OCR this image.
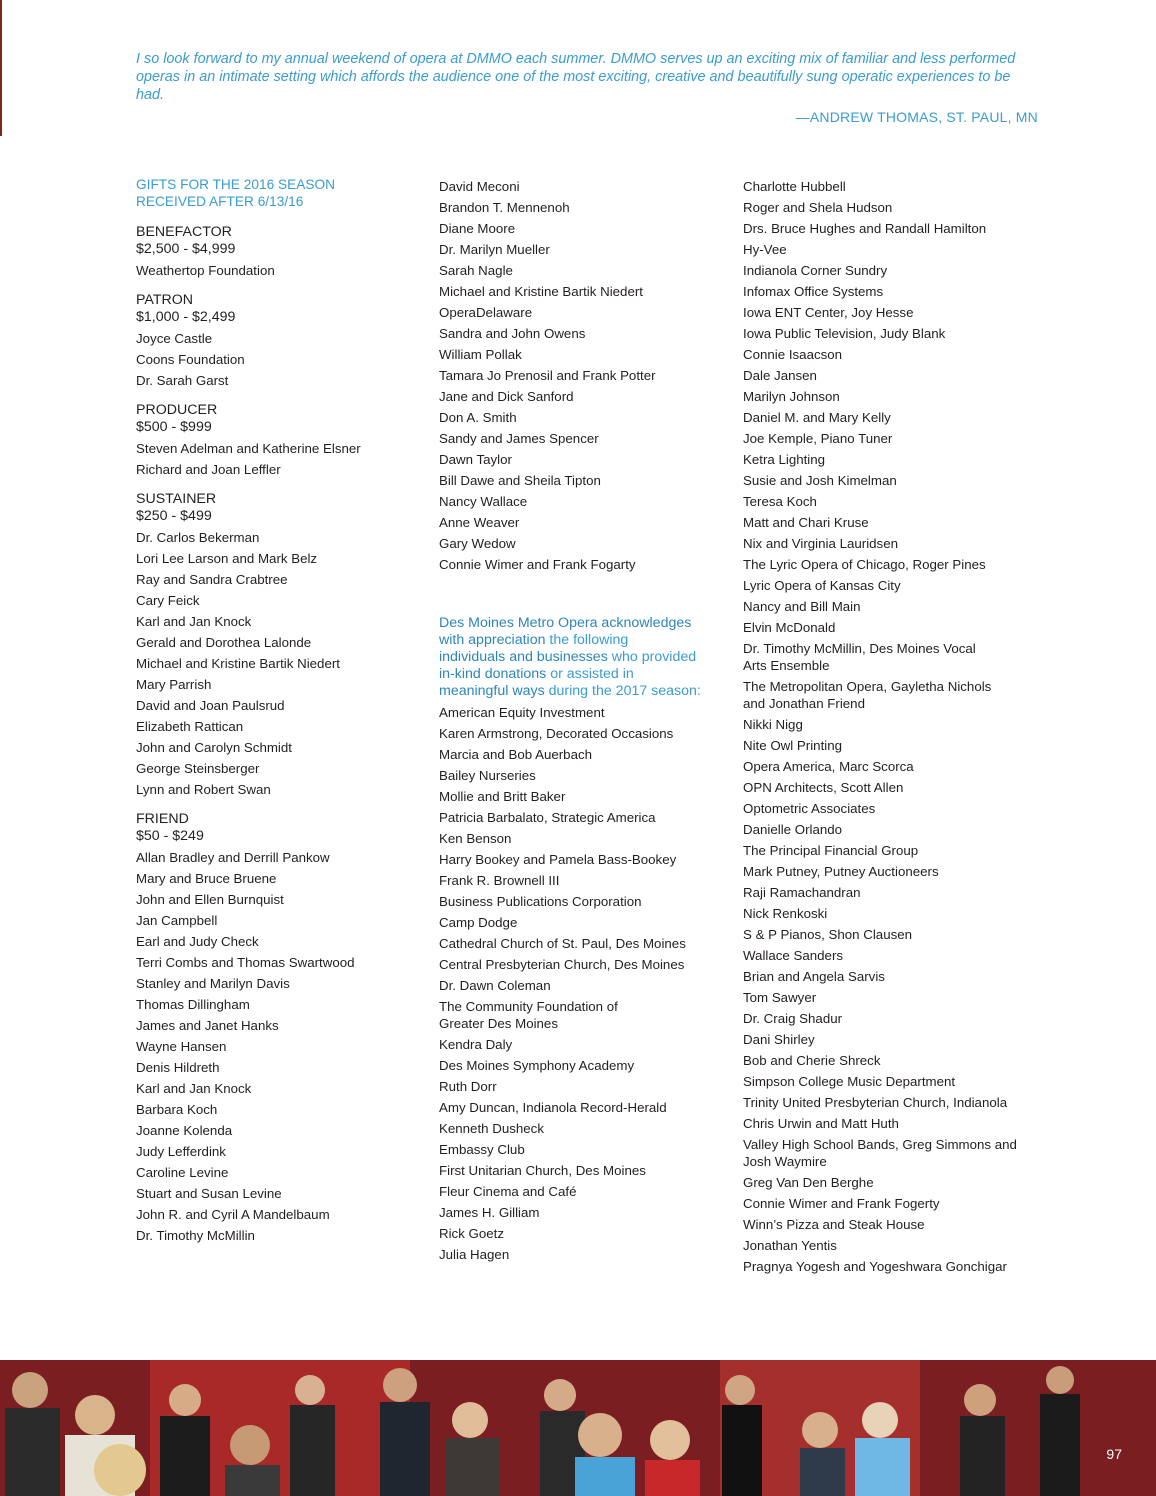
I so look forward to my annual weekend of opera at DMMO each summer. DMMO serves up an exciting mix of familiar and less performed operas in an intimate setting which affords the audience one of the most exciting, creative and beautifully sung operatic experiences to be had.
—ANDREW THOMAS, ST. PAUL, MN
GIFTS FOR THE 2016 SEASON
RECEIVED AFTER 6/13/16
BENEFACTOR
$2,500 - $4,999
Weathertop Foundation
PATRON
$1,000 - $2,499
Joyce Castle
Coons Foundation
Dr. Sarah Garst
PRODUCER
$500 - $999
Steven Adelman and Katherine Elsner
Richard and Joan Leffler
SUSTAINER
$250 - $499
Dr. Carlos Bekerman
Lori Lee Larson and Mark Belz
Ray and Sandra Crabtree
Cary Feick
Karl and Jan Knock
Gerald and Dorothea Lalonde
Michael and Kristine Bartik Niedert
Mary Parrish
David and Joan Paulsrud
Elizabeth Rattican
John and Carolyn Schmidt
George Steinsberger
Lynn and Robert Swan
FRIEND
$50 - $249
Allan Bradley and Derrill Pankow
Mary and Bruce Bruene
John and Ellen Burnquist
Jan Campbell
Earl and Judy Check
Terri Combs and Thomas Swartwood
Stanley and Marilyn Davis
Thomas Dillingham
James and Janet Hanks
Wayne Hansen
Denis Hildreth
Karl and Jan Knock
Barbara Koch
Joanne Kolenda
Judy Lefferdink
Caroline Levine
Stuart and Susan Levine
John R. and Cyril A Mandelbaum
Dr. Timothy McMillin
David Meconi
Brandon T. Mennenoh
Diane Moore
Dr. Marilyn Mueller
Sarah Nagle
Michael and Kristine Bartik Niedert
OperaDelaware
Sandra and John Owens
William Pollak
Tamara Jo Prenosil and Frank Potter
Jane and Dick Sanford
Don A. Smith
Sandy and James Spencer
Dawn Taylor
Bill Dawe and Sheila Tipton
Nancy Wallace
Anne Weaver
Gary Wedow
Connie Wimer and Frank Fogarty
Des Moines Metro Opera acknowledges
with appreciation the following
individuals and businesses who provided
in-kind donations or assisted in
meaningful ways during the 2017 season:
American Equity Investment
Karen Armstrong, Decorated Occasions
Marcia and Bob Auerbach
Bailey Nurseries
Mollie and Britt Baker
Patricia Barbalato, Strategic America
Ken Benson
Harry Bookey and Pamela Bass-Bookey
Frank R. Brownell III
Business Publications Corporation
Camp Dodge
Cathedral Church of St. Paul, Des Moines
Central Presbyterian Church, Des Moines
Dr. Dawn Coleman
The Community Foundation of
Greater Des Moines
Kendra Daly
Des Moines Symphony Academy
Ruth Dorr
Amy Duncan, Indianola Record-Herald
Kenneth Dusheck
Embassy Club
First Unitarian Church, Des Moines
Fleur Cinema and Café
James H. Gilliam
Rick Goetz
Julia Hagen
Charlotte Hubbell
Roger and Shela Hudson
Drs. Bruce Hughes and Randall Hamilton
Hy-Vee
Indianola Corner Sundry
Infomax Office Systems
Iowa ENT Center, Joy Hesse
Iowa Public Television, Judy Blank
Connie Isaacson
Dale Jansen
Marilyn Johnson
Daniel M. and Mary Kelly
Joe Kemple, Piano Tuner
Ketra Lighting
Susie and Josh Kimelman
Teresa Koch
Matt and Chari Kruse
Nix and Virginia Lauridsen
The Lyric Opera of Chicago, Roger Pines
Lyric Opera of Kansas City
Nancy and Bill Main
Elvin McDonald
Dr. Timothy McMillin, Des Moines Vocal
Arts Ensemble
The Metropolitan Opera, Gayletha Nichols
and Jonathan Friend
Nikki Nigg
Nite Owl Printing
Opera America, Marc Scorca
OPN Architects, Scott Allen
Optometric Associates
Danielle Orlando
The Principal Financial Group
Mark Putney, Putney Auctioneers
Raji Ramachandran
Nick Renkoski
S & P Pianos, Shon Clausen
Wallace Sanders
Brian and Angela Sarvis
Tom Sawyer
Dr. Craig Shadur
Dani Shirley
Bob and Cherie Shreck
Simpson College Music Department
Trinity United Presbyterian Church, Indianola
Chris Urwin and Matt Huth
Valley High School Bands, Greg Simmons and
Josh Waymire
Greg Van Den Berghe
Connie Wimer and Frank Fogerty
Winn’s Pizza and Steak House
Jonathan Yentis
Pragnya Yogesh and Yogeshwara Gonchigar
97
